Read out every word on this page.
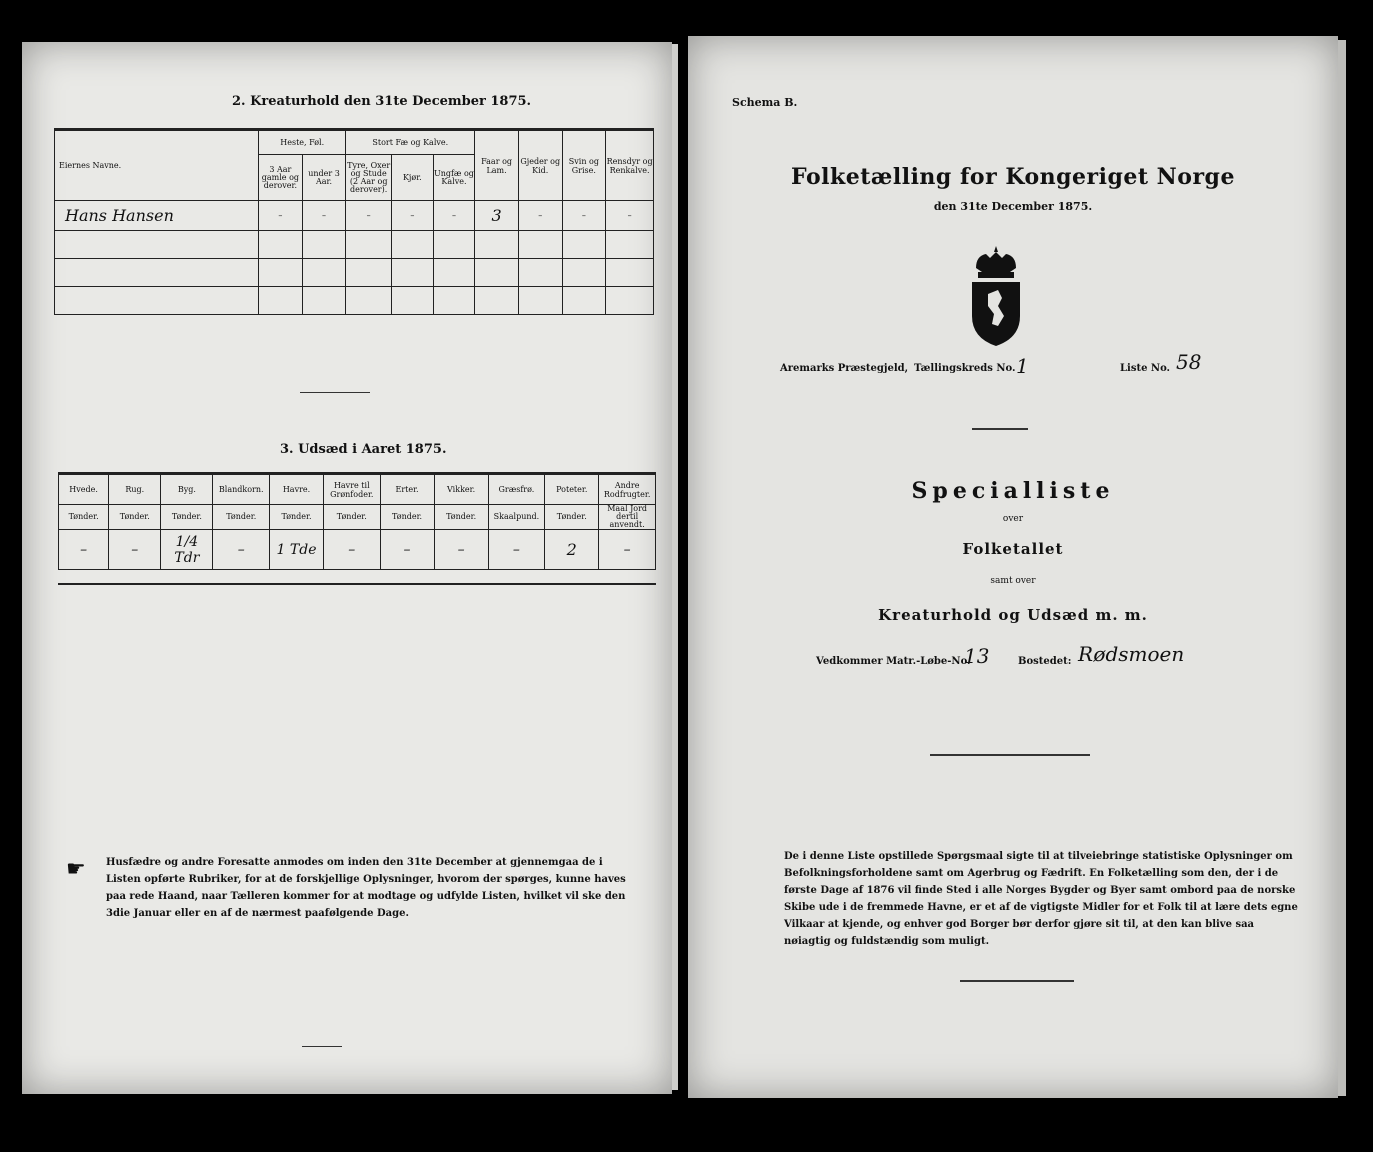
2. Kreaturhold den 31te December 1875.
Eiernes Navne.	Heste, Føl.		Stort Fæ og Kalve.			Faar og Lam.	Gjeder og Kid.	Svin og Grise.	Rensdyr og Renkalve.
	3 Aar gamle og derover.	under 3 Aar.	Tyre, Oxer og Stude (2 Aar og derover).	Kjør.	Ungfæ og Kalve.				
Hans Hansen	–	–	–	–	–	3	–	–	–

3. Udsæd i Aaret 1875.
Hvede.	Rug.	Byg.	Blandkorn.	Havre.	Havre til Grønfoder.	Erter.	Vikker.	Græsfrø.	Poteter.	Andre Rodfrugter.
Tønder.	Tønder.	Tønder.	Tønder.	Tønder.	Tønder.	Tønder.	Tønder.	Skaalpund.	Tønder.	Maal Jord dertil anvendt.
–	–	1/4 Tdr	–	1 Tde	–	–	–	–	2	–
☛ Husfædre og andre Foresatte anmodes om inden den 31te December at gjennemgaa de i Listen opførte Rubriker, for at de forskjellige Oplysninger, hvorom der spørges, kunne haves paa rede Haand, naar Tælleren kommer for at modtage og udfylde Listen, hvilket vil ske den 3die Januar eller en af de nærmest paafølgende Dage.
Schema B.
Folketælling for Kongeriget Norge
den 31te December 1875.
Aremarks Præstegjeld, Tællingskreds No. 1	Liste No. 58
Specialliste
over
Folketallet
samt over
Kreaturhold og Udsæd m. m.
Vedkommer Matr.-Løbe-No.
13	Bostedet: Rødsmoen
De i denne Liste opstillede Spørgsmaal sigte til at tilveiebringe statistiske Oplysninger om Befolkningsforholdene samt om Agerbrug og Fædrift. En Folketælling som den, der i de første Dage af 1876 vil finde Sted i alle Norges Bygder og Byer samt ombord paa de norske Skibe ude i de fremmede Havne, er et af de vigtigste Midler for et Folk til at lære dets egne Vilkaar at kjende, og enhver god Borger bør derfor gjøre sit til, at den kan blive saa nøiagtig og fuldstændig som muligt.
